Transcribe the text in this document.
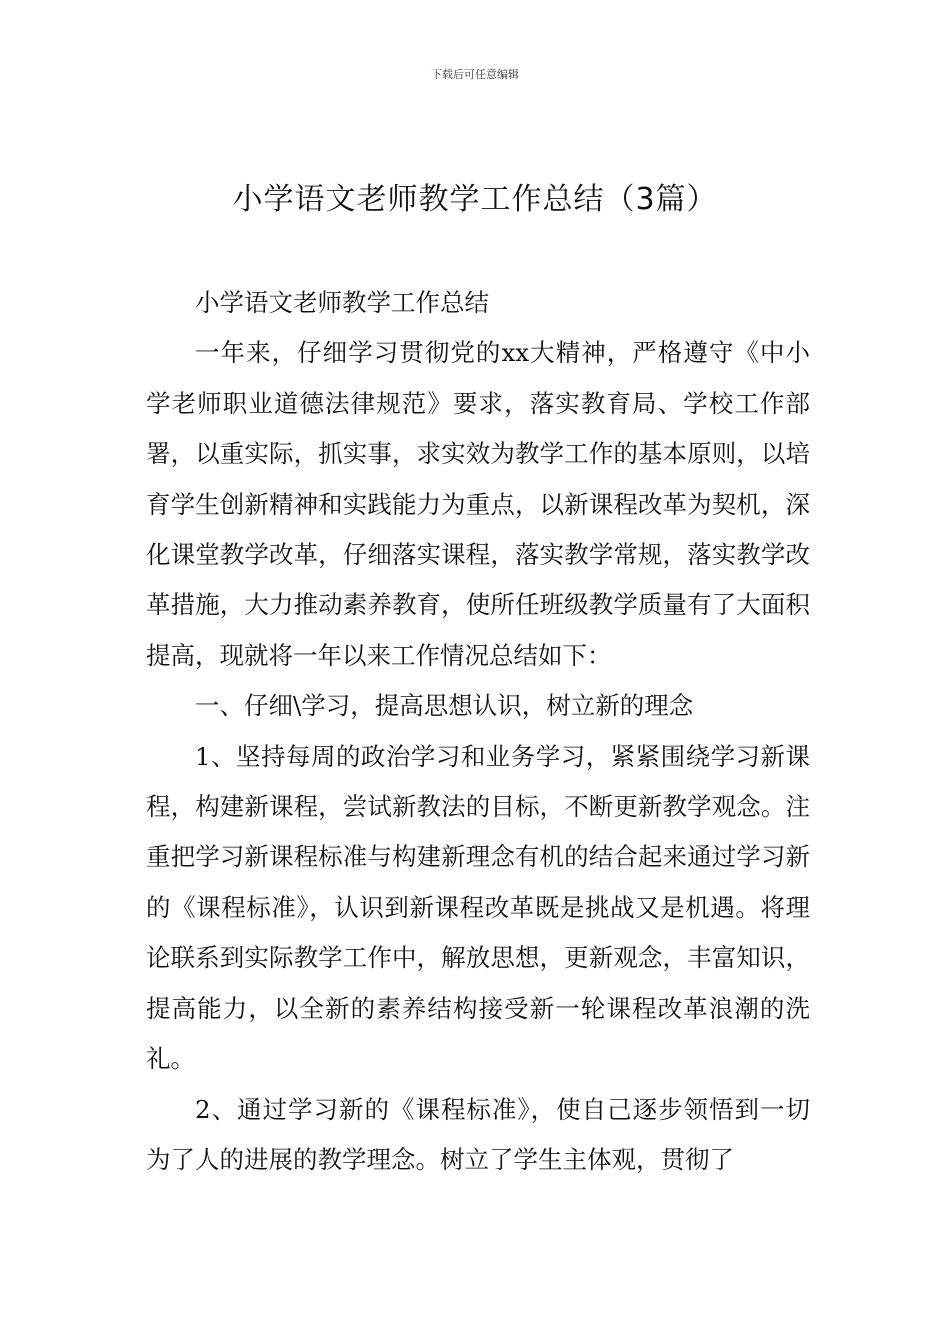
下载后可任意编辑
小学语文老师教学工作总结（3篇）

小学语文老师教学工作总结

一年来，仔细学习贯彻党的xx大精神，严格遵守《中小学老师职业道德法律规范》要求，落实教育局、学校工作部署，以重实际，抓实事，求实效为教学工作的基本原则，以培育学生创新精神和实践能力为重点，以新课程改革为契机，深化课堂教学改革，仔细落实课程，落实教学常规，落实教学改革措施，大力推动素养教育，使所任班级教学质量有了大面积提高，现就将一年以来工作情况总结如下：

一、仔细\学习，提高思想认识，树立新的理念

1、坚持每周的政治学习和业务学习，紧紧围绕学习新课程，构建新课程，尝试新教法的目标，不断更新教学观念。注重把学习新课程标准与构建新理念有机的结合起来通过学习新的《课程标准》，认识到新课程改革既是挑战又是机遇。将理论联系到实际教学工作中，解放思想，更新观念，丰富知识，提高能力，以全新的素养结构接受新一轮课程改革浪潮的洗礼。

2、通过学习新的《课程标准》，使自己逐步领悟到一切为了人的进展的教学理念。树立了学生主体观，贯彻了
